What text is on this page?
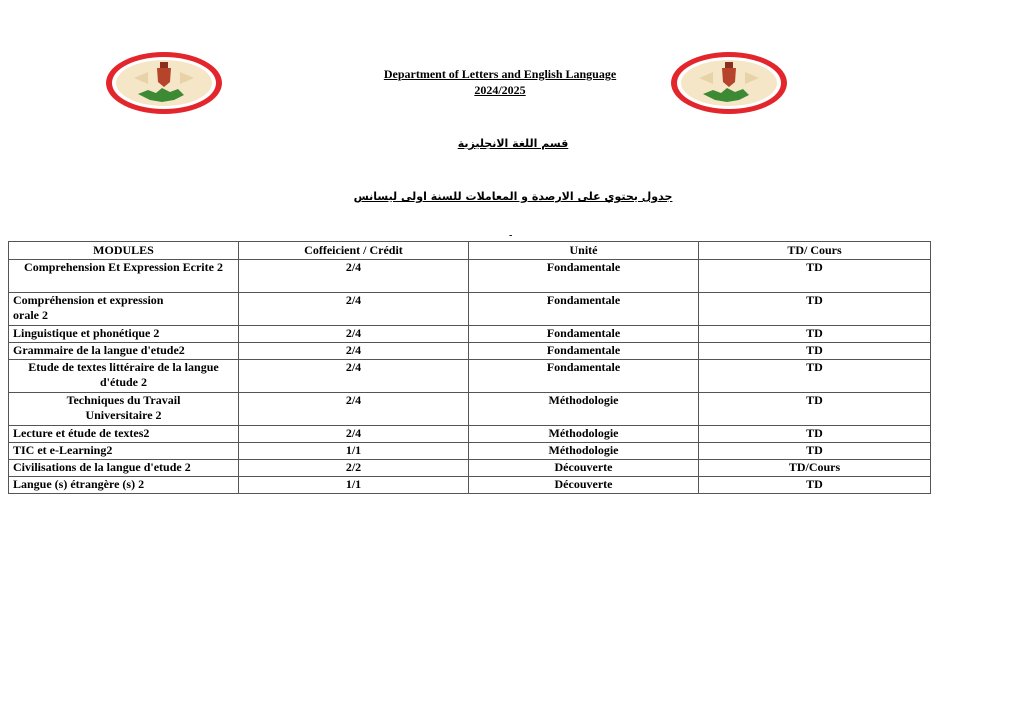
.
Department of Letters and English Language
2024/2025
قسم اللغة الانجليزية
جدول يحتوي على الارصدة و المعاملات للسنة اولى ليسانس
-
MODULES	Coffeicient / Crédit	Unité	TD/ Cours
Comprehension Et Expression Ecrite 2	2/4	Fondamentale	TD
Compréhension et expression orale 2	2/4	Fondamentale	TD
Linguistique et phonétique 2	2/4	Fondamentale	TD
Grammaire de la langue d'etude2	2/4	Fondamentale	TD
Etude de textes littéraire de la langue d'étude 2	2/4	Fondamentale	TD
Techniques du Travail Universitaire 2	2/4	Méthodologie	TD
Lecture et étude de textes2	2/4	Méthodologie	TD
TIC et e-Learning2	1/1	Méthodologie	TD
Civilisations de la langue d'etude 2	2/2	Découverte	TD/Cours
Langue (s) étrangère (s) 2	1/1	Découverte	TD
